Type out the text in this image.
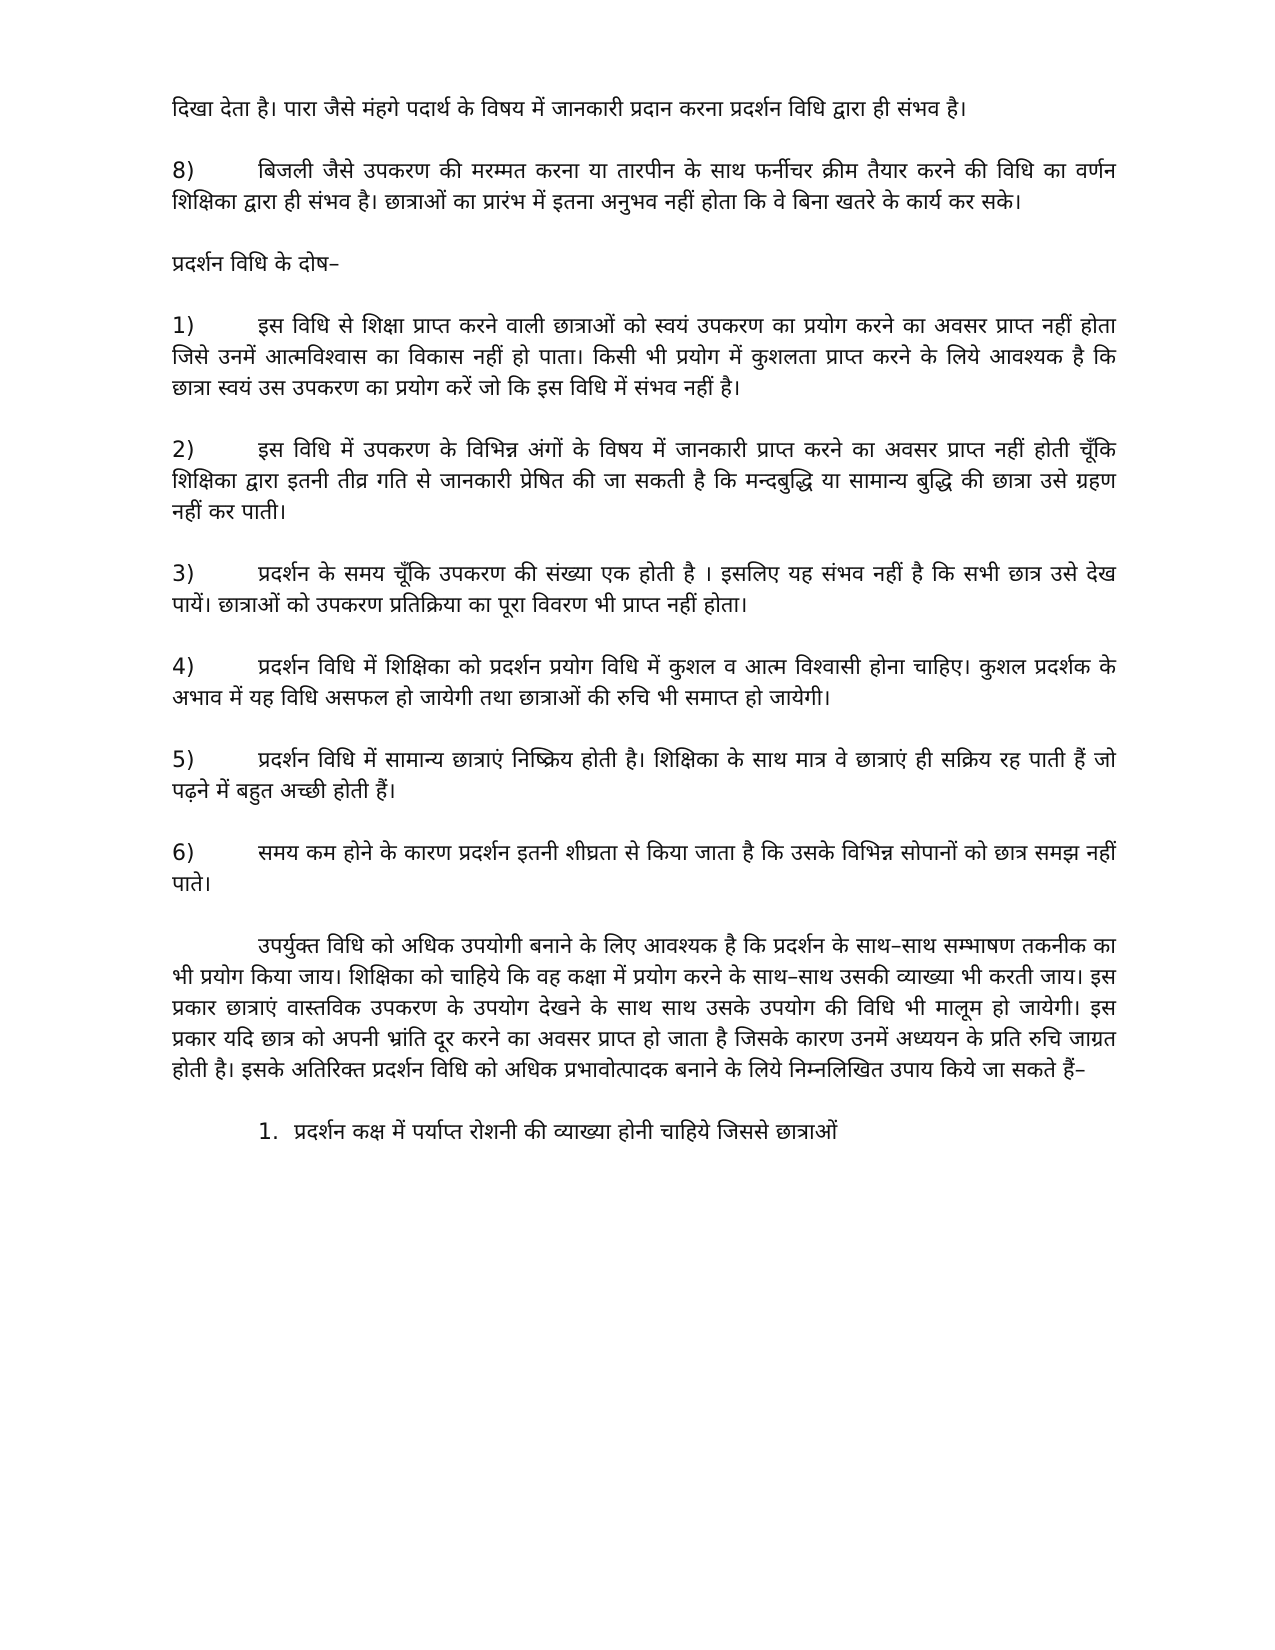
दिखा देता है। पारा जैसे मंहगे पदार्थ के विषय में जानकारी प्रदान करना प्रदर्शन विधि द्वारा ही संभव है।

8)	बिजली जैसे उपकरण की मरम्मत करना या तारपीन के साथ फर्नीचर क्रीम तैयार करने की विधि का वर्णन शिक्षिका द्वारा ही संभव है। छात्राओं का प्रारंभ में इतना अनुभव नहीं होता कि वे बिना खतरे के कार्य कर सके।

प्रदर्शन विधि के दोष–

1)	इस विधि से शिक्षा प्राप्त करने वाली छात्राओं को स्वयं उपकरण का प्रयोग करने का अवसर प्राप्त नहीं होता जिसे उनमें आत्मविश्वास का विकास नहीं हो पाता। किसी भी प्रयोग में कुशलता प्राप्त करने के लिये आवश्यक है कि छात्रा स्वयं उस उपकरण का प्रयोग करें जो कि इस विधि में संभव नहीं है।

2)	इस विधि में उपकरण के विभिन्न अंगों के विषय में जानकारी प्राप्त करने का अवसर प्राप्त नहीं होती चूँकि शिक्षिका द्वारा इतनी तीव्र गति से जानकारी प्रेषित की जा सकती है कि मन्दबुद्धि या सामान्य बुद्धि की छात्रा उसे ग्रहण नहीं कर पाती।

3)	प्रदर्शन के समय चूँकि उपकरण की संख्या एक होती है । इसलिए यह संभव नहीं है कि सभी छात्र उसे देख पायें। छात्राओं को उपकरण प्रतिक्रिया का पूरा विवरण भी प्राप्त नहीं होता।

4)	प्रदर्शन विधि में शिक्षिका को प्रदर्शन प्रयोग विधि में कुशल व आत्म विश्वासी होना चाहिए। कुशल प्रदर्शक के अभाव में यह विधि असफल हो जायेगी तथा छात्राओं की रुचि भी समाप्त हो जायेगी।

5)	प्रदर्शन विधि में सामान्य छात्राएं निष्क्रिय होती है। शिक्षिका के साथ मात्र वे छात्राएं ही सक्रिय रह पाती हैं जो पढ़ने में बहुत अच्छी होती हैं।

6)	समय कम होने के कारण प्रदर्शन इतनी शीघ्रता से किया जाता है कि उसके विभिन्न सोपानों को छात्र समझ नहीं पाते।

उपर्युक्त विधि को अधिक उपयोगी बनाने के लिए आवश्यक है कि प्रदर्शन के साथ–साथ सम्भाषण तकनीक का भी प्रयोग किया जाय। शिक्षिका को चाहिये कि वह कक्षा में प्रयोग करने के साथ–साथ उसकी व्याख्या भी करती जाय। इस प्रकार छात्राएं वास्तविक उपकरण के उपयोग देखने के साथ साथ उसके उपयोग की विधि भी मालूम हो जायेगी। इस प्रकार यदि छात्र को अपनी भ्रांति दूर करने का अवसर प्राप्त हो जाता है जिसके कारण उनमें अध्ययन के प्रति रुचि जाग्रत होती है। इसके अतिरिक्त प्रदर्शन विधि को अधिक प्रभावोत्पादक बनाने के लिये निम्नलिखित उपाय किये जा सकते हैं–

1. प्रदर्शन कक्ष में पर्याप्त रोशनी की व्याख्या होनी चाहिये जिससे छात्राओं
